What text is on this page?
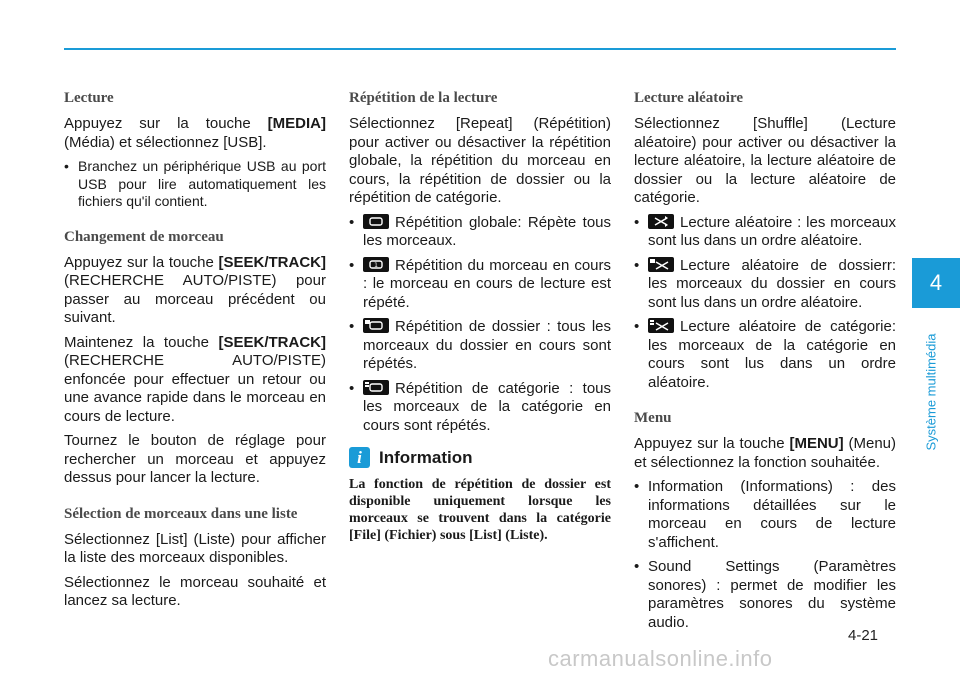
Lecture

Appuyez sur la touche [MEDIA] (Média) et sélectionnez [USB].

• Branchez un périphérique USB au port USB pour lire automatiquement les fichiers qu'il contient.
Changement de morceau

Appuyez sur la touche [SEEK/TRACK] (RECHERCHE AUTO/PISTE) pour passer au morceau précédent ou suivant.

Maintenez la touche [SEEK/TRACK] (RECHERCHE AUTO/PISTE) enfoncée pour effectuer un retour ou une avance rapide dans le morceau en cours de lecture.

Tournez le bouton de réglage pour rechercher un morceau et appuyez dessus pour lancer la lecture.

Sélection de morceaux dans une liste

Sélectionnez [List] (Liste) pour afficher la liste des morceaux disponibles.

Sélectionnez le morceau souhaité et lancez sa lecture.

Répétition de la lecture

Sélectionnez [Repeat] (Répétition) pour activer ou désactiver la répétition globale, la répétition du morceau en cours, la répétition de dossier ou la répétition de catégorie.

• Répétition globale: Répète tous les morceaux.
• 1 Répétition du morceau en cours : le morceau en cours de lecture est répété.
• Répétition de dossier : tous les morceaux du dossier en cours sont répétés.
• Répétition de catégorie : tous les morceaux de la catégorie en cours sont répétés.
i	Information

La fonction de répétition de dossier est disponible uniquement lorsque les morceaux se trouvent dans la catégorie [File] (Fichier) sous [List] (Liste).

Lecture aléatoire

Sélectionnez [Shuffle] (Lecture aléatoire) pour activer ou désactiver la lecture aléatoire, la lecture aléatoire de dossier ou la lecture aléatoire de catégorie.

• Lecture aléatoire : les morceaux sont lus dans un ordre aléatoire.
• Lecture aléatoire de dossierr: les morceaux du dossier en cours sont lus dans un ordre aléatoire.
• Lecture aléatoire de catégorie: les morceaux de la catégorie en cours sont lus dans un ordre aléatoire.
Menu

Appuyez sur la touche [MENU] (Menu) et sélectionnez la fonction souhaitée.

• Information (Informations) : des informations détaillées sur le morceau en cours de lecture s'affichent.
• Sound Settings (Paramètres sonores) : permet de modifier les paramètres sonores du système audio.
4
Système multimédia
4-21
carmanualsonline.info
